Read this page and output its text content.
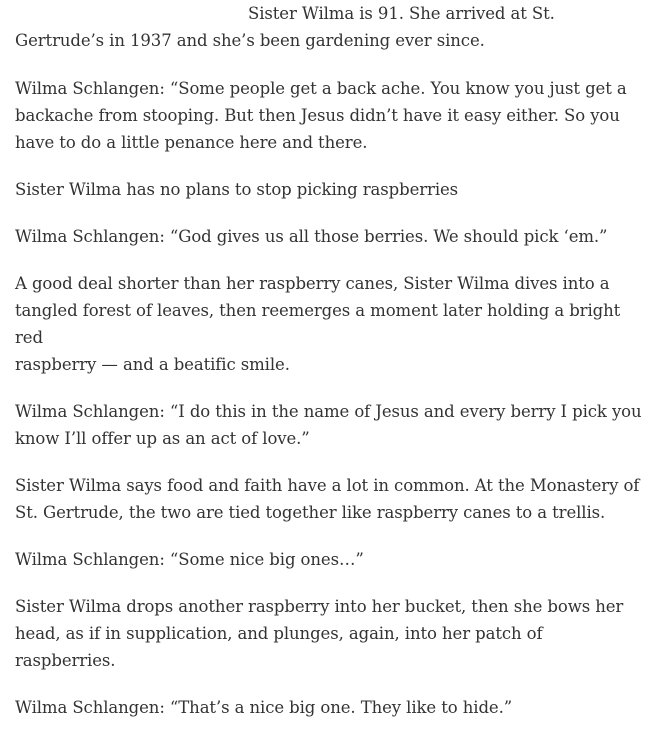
Sister Wilma is 91. She arrived at St.Gertrude’s in 1937 and she’s been gardening ever since.

Wilma Schlangen: “Some people get a back ache. You know you just get abackache from stooping. But then Jesus didn’t have it easy either. So youhave to do a little penance here and there.

Sister Wilma has no plans to stop picking raspberries

Wilma Schlangen: “God gives us all those berries. We should pick ‘em.”

A good deal shorter than her raspberry canes, Sister Wilma dives into atangled forest of leaves, then reemerges a moment later holding a bright redraspberry — and a beatific smile.

Wilma Schlangen: “I do this in the name of Jesus and every berry I pick youknow I’ll offer up as an act of love.”

Sister Wilma says food and faith have a lot in common. At the Monastery ofSt. Gertrude, the two are tied together like raspberry canes to a trellis.

Wilma Schlangen: “Some nice big ones…”

Sister Wilma drops another raspberry into her bucket, then she bows herhead, as if in supplication, and plunges, again, into her patch of raspberries.

Wilma Schlangen: “That’s a nice big one. They like to hide.”
